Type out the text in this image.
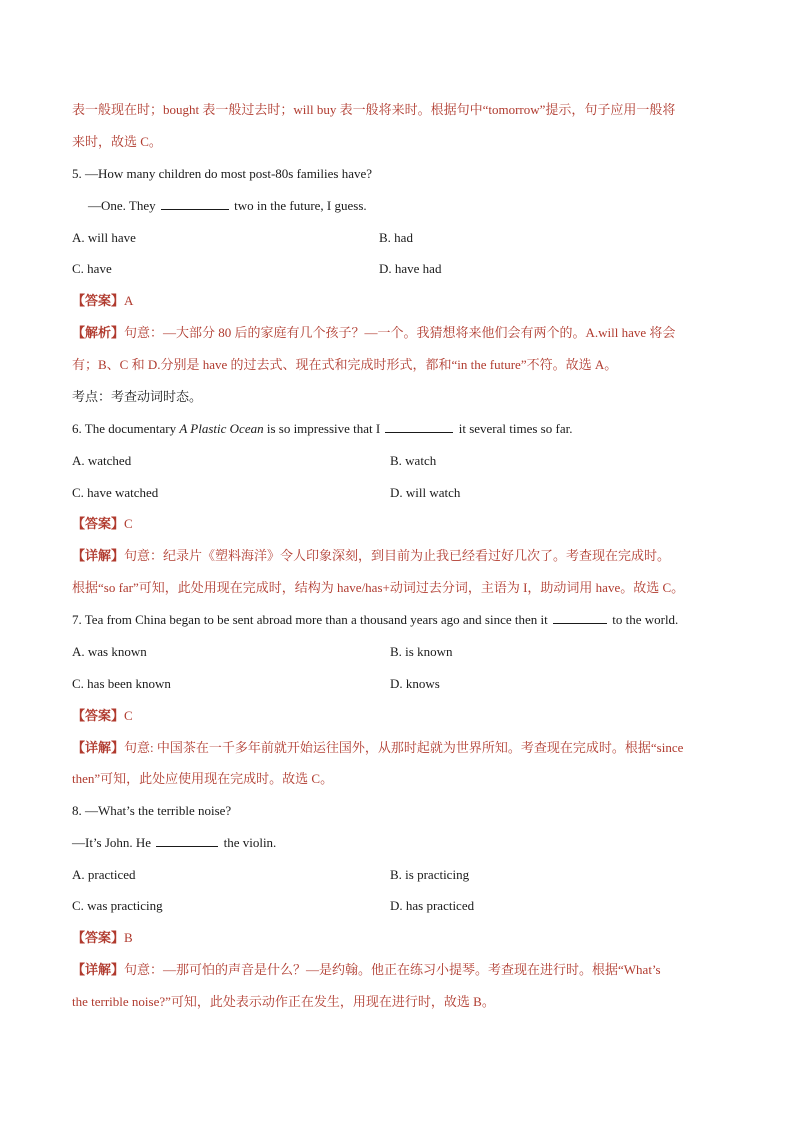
表一般现在时；bought 表一般过去时；will buy 表一般将来时。根据句中“tomorrow”提示，句子应用一般将
来时，故选 C。
5. —How many children do most post-80s families have?
—One. They	two in the future, I guess.
A. will have	B. had
C. have	D. have had
【答案】A
【解析】句意：—大部分 80 后的家庭有几个孩子？—一个。我猜想将来他们会有两个的。A.will have 将会
有；B、C 和 D.分别是 have 的过去式、现在式和完成时形式，都和“in the future”不符。故选 A。
考点：考查动词时态。
6. The documentary A Plastic Ocean is so impressive that I	it several times so far.
A. watched	B. watch
C. have watched	D. will watch
【答案】C
【详解】句意：纪录片《塑料海洋》令人印象深刻，到目前为止我已经看过好几次了。考查现在完成时。
根据“so far”可知，此处用现在完成时，结构为 have/has+动词过去分词，主语为 I，助动词用 have。故选 C。
7. Tea from China began to be sent abroad more than a thousand years ago and since then it	to the world.
A. was known	B. is known
C. has been known	D. knows
【答案】C
【详解】句意: 中国茶在一千多年前就开始运往国外，从那时起就为世界所知。考查现在完成时。根据“since
then”可知，此处应使用现在完成时。故选 C。
8. —What’s the terrible noise?
—It’s John. He	the violin.
A. practiced	B. is practicing
C. was practicing	D. has practiced
【答案】B
【详解】句意：—那可怕的声音是什么？—是约翰。他正在练习小提琴。考查现在进行时。根据“What’s
the terrible noise?”可知，此处表示动作正在发生，用现在进行时，故选 B。
